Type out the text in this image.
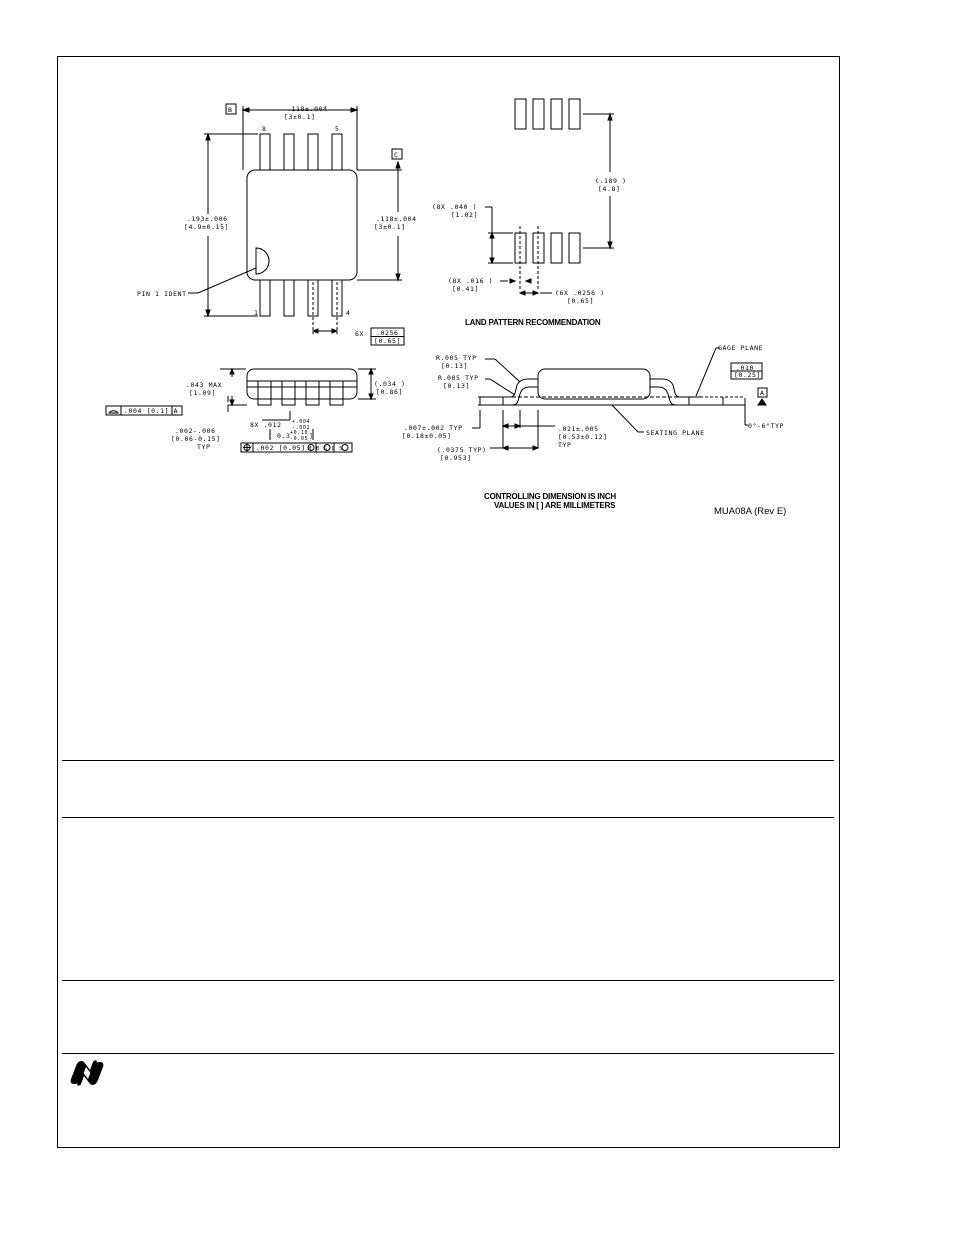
B	.118±.004
[3±0.1]
8	5
C
.193±.006
[4.9±0.15]
.118±.004
[3±0.1]
PIN 1 IDENT
1	4
6X .0256
[0.65]
(.189 )
[4.8]
(8X .040 )
[1.02]
(8X .016 )
[0.41]	(6X .0256 )
[0.65]
LAND PATTERN RECOMMENDATION
.043 MAX
[1.09]
(.034 )
[0.86]
.004 [0.1] A
.002-.006
[0.06-0.15]
TYP
8X .012 +.004
-.002
[ 0.3 +0.10
-0.05 ]
.002 [0.05] M B S C S
R.005 TYP
[0.13]
R.005 TYP
[0.13]
GAGE PLANE
.010
[0.25]
A
0°-6°TYP
.007±.002 TYP
[0.18±0.05]
.021±.005
[0.53±0.12]
TYP
(.0375 TYP)
[0.953]
SEATING PLANE
CONTROLLING DIMENSION IS INCH
VALUES IN [ ] ARE MILLIMETERS
MUA08A (Rev E)
